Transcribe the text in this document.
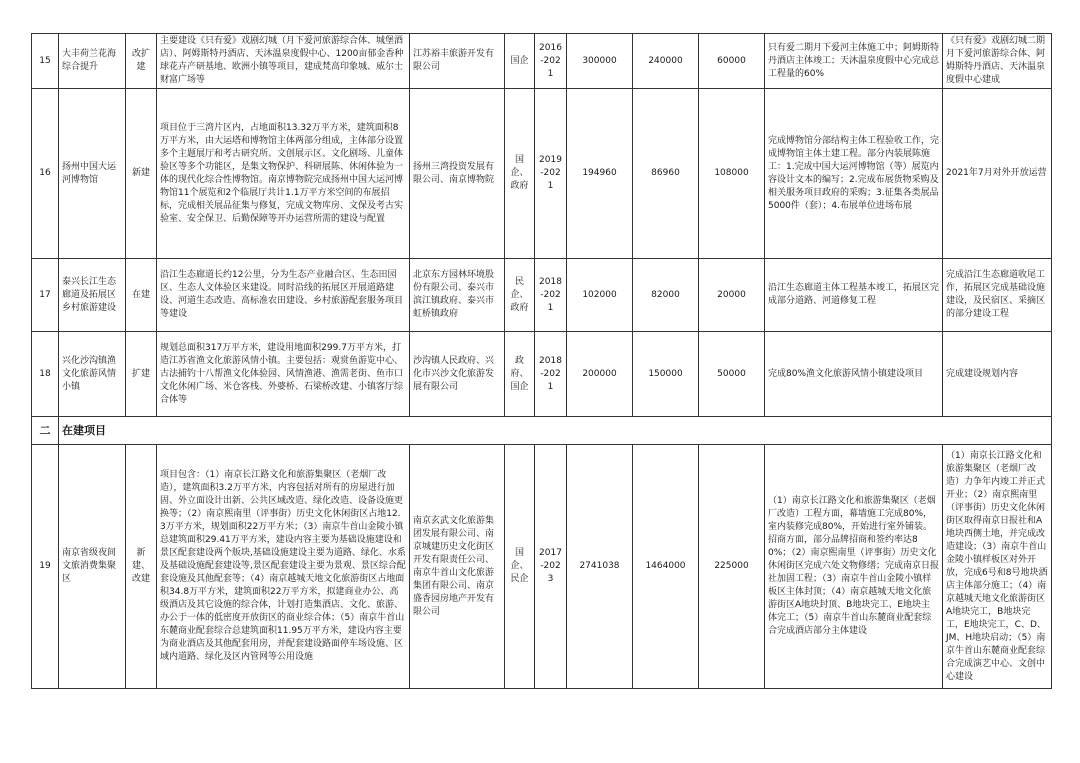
15	大丰荷兰花海综合提升	改扩建	主要建设《只有爱》戏剧幻城（月下爱河旅游综合体、城堡酒店）、阿姆斯特丹酒店、天沐温泉度假中心、1200亩郁金香种球花卉产研基地、欧洲小镇等项目，建成梵高印象城、威尔士财富广场等	江苏裕丰旅游开发有限公司	国企	2016-2021	300000	240000	60000	只有爱二期月下爱河主体施工中；阿姆斯特丹酒店主体竣工；天沐温泉度假中心完成总工程量的60%	《只有爱》戏剧幻城二期月下爱河旅游综合体、阿姆斯特丹酒店、天沐温泉度假中心建成
16	扬州中国大运河博物馆	新建	项目位于三湾片区内，占地面积13.32万平方米，建筑面积8万平方米，由大运塔和博物馆主体两部分组成，主体部分设置多个主题展厅和考古研究所、文创展示区、文化剧场、儿童体验区等多个功能区，是集文物保护、科研展陈、休闲体验为一体的现代化综合性博物馆。南京博物院完成扬州中国大运河博物馆11个展览和2个临展厅共计1.1万平方米空间的布展招标，完成相关展品征集与修复，完成文物库房、文保及考古实验室、安全保卫、后勤保障等开办运营所需的建设与配置	扬州三湾投资发展有限公司、南京博物院	国企、政府	2019-2021	194960	86960	108000	完成博物馆分部结构主体工程验收工作，完成博物馆主体土建工程。部分内装展陈施工：1.完成中国大运河博物馆（等）展览内容设计文本的编写；2.完成布展货物采购及相关服务项目政府的采购；3.征集各类展品5000件（套）；4.布展单位进场布展	2021年7月对外开放运营
17	泰兴长江生态廊道及拓展区乡村旅游建设	在建	沿江生态廊道长约12公里，分为生态产业融合区、生态田园区、生态人文体验区来建设。同时沿线的拓展区开展道路建设、河道生态改造、高标准农田建设、乡村旅游配套服务项目等建设	北京东方园林环境股份有限公司、泰兴市滨江镇政府、泰兴市虹桥镇政府	民企、政府	2018-2021	102000	82000	20000	沿江生态廊道主体工程基本竣工，拓展区完成部分道路、河道修复工程	完成沿江生态廊道收尾工作，拓展区完成基础设施建设，及民宿区、采摘区的部分建设工程
18	兴化沙沟镇渔文化旅游风情小镇	扩建	规划总面积317万平方米，建设用地面积299.7万平方米，打造江苏省渔文化旅游风情小镇。主要包括：观赏鱼游览中心、古法捕钓十八帮渔文化体验园、风情渔港、渔需老街、鱼市口文化休闲广场、米仓客栈、外婆桥、石梁桥改建、小镇客厅综合体等	沙沟镇人民政府、兴化市兴沙文化旅游发展有限公司	政府、国企	2018-2021	200000	150000	50000	完成80%渔文化旅游风情小镇建设项目	完成建设规划内容
二	在建项目										
19	南京省级夜间文旅消费集聚区	新建、改建	项目包含：（1）南京长江路文化和旅游集聚区（老烟厂改造），建筑面积3.2万平方米，内容包括对所有的房屋进行加固、外立面设计出新、公共区域改造、绿化改造、设备设施更换等；（2）南京熙南里（评事街）历史文化休闲街区占地12.3万平方米，规划面积22万平方米；（3）南京牛首山金陵小镇总建筑面积29.41万平方米，建设内容主要为基础设施建设和景区配套建设两个版块,基础设施建设主要为道路、绿化、水系及基础设施配套建设等,景区配套建设主要为景观、景区综合配套设施及其他配套等；（4）南京越城天地文化旅游街区占地面积34.8万平方米，建筑面积22万平方米，拟建商业办公、高级酒店及其它设施的综合体，计划打造集酒店、文化、旅游、办公于一体的低密度开放街区的商业综合体；（5）南京牛首山东麓商业配套综合总建筑面积11.95万平方米，建设内容主要为商业酒店及其他配套用房，并配套建设路面停车场设施、区域内道路、绿化及区内管网等公用设施	南京玄武文化旅游集团发展有限公司、南京城建历史文化街区开发有限责任公司、南京牛首山文化旅游集团有限公司、南京盛香园房地产开发有限公司	国企、民企	2017-2023	2741038	1464000	225000	（1）南京长江路文化和旅游集聚区（老烟厂改造）工程方面，幕墙施工完成80%，室内装修完成80%，开始进行室外铺装。招商方面，部分品牌招商和签约率达80%；（2）南京熙南里（评事街）历史文化休闲街区完成六处文物修缮；完成南京日报社加固工程；（3）南京牛首山金陵小镇样板区主体封顶；（4）南京越城天地文化旅游街区A地块封顶、B地块完工、E地块主体完工；（5）南京牛首山东麓商业配套综合完成酒店部分主体建设	（1）南京长江路文化和旅游集聚区（老烟厂改造）力争年内竣工并正式开业；（2）南京熙南里（评事街）历史文化休闲街区取得南京日报社和A地块西侧土地，并完成改造建设；（3）南京牛首山金陵小镇样板区对外开放，完成6号和8号地块酒店主体部分施工；（4）南京越城天地文化旅游街区A地块完工，B地块完工，E地块完工，C、D、JM、H地块启动；（5）南京牛首山东麓商业配套综合完成演艺中心、文创中心建设
